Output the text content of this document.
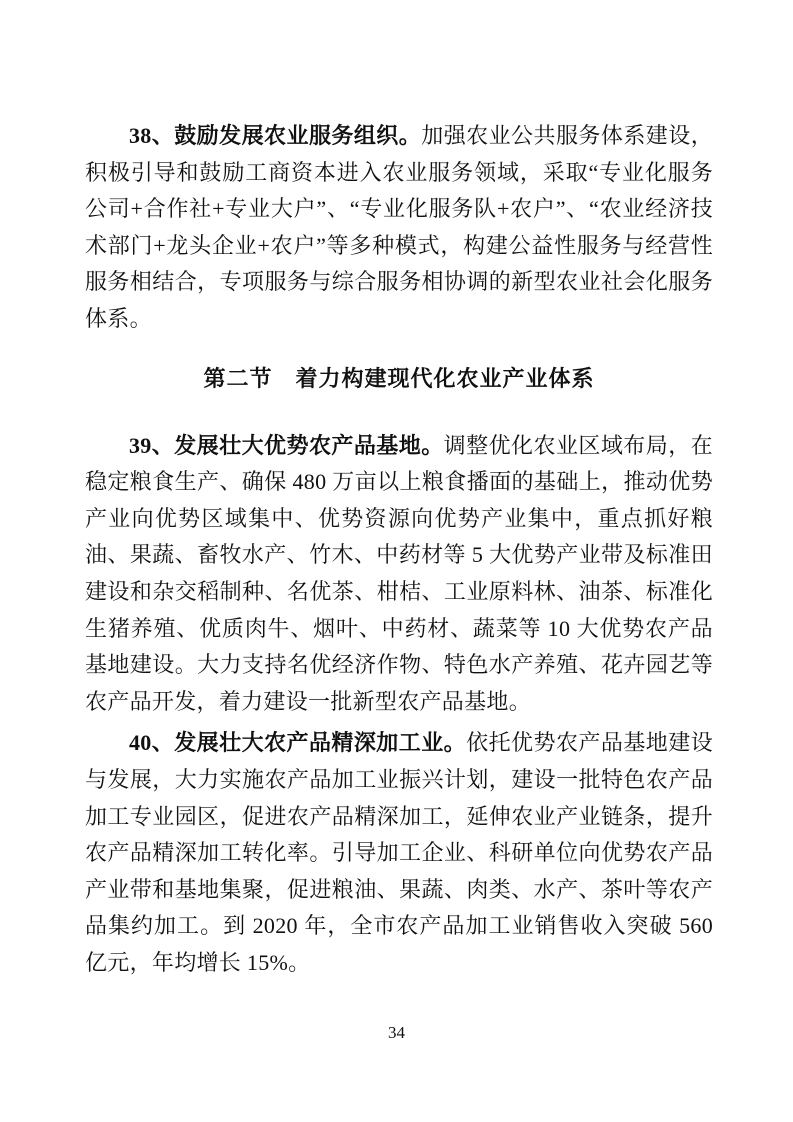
38、鼓励发展农业服务组织。加强农业公共服务体系建设，积极引导和鼓励工商资本进入农业服务领域，采取“专业化服务公司+合作社+专业大户”、“专业化服务队+农户”、“农业经济技术部门+龙头企业+农户”等多种模式，构建公益性服务与经营性服务相结合，专项服务与综合服务相协调的新型农业社会化服务体系。

第二节　着力构建现代化农业产业体系

39、发展壮大优势农产品基地。调整优化农业区域布局，在稳定粮食生产、确保 480 万亩以上粮食播面的基础上，推动优势产业向优势区域集中、优势资源向优势产业集中，重点抓好粮油、果蔬、畜牧水产、竹木、中药材等 5 大优势产业带及标准田建设和杂交稻制种、名优茶、柑桔、工业原料林、油茶、标准化生猪养殖、优质肉牛、烟叶、中药材、蔬菜等 10 大优势农产品基地建设。大力支持名优经济作物、特色水产养殖、花卉园艺等农产品开发，着力建设一批新型农产品基地。

40、发展壮大农产品精深加工业。依托优势农产品基地建设与发展，大力实施农产品加工业振兴计划，建设一批特色农产品加工专业园区，促进农产品精深加工，延伸农业产业链条，提升农产品精深加工转化率。引导加工企业、科研单位向优势农产品产业带和基地集聚，促进粮油、果蔬、肉类、水产、茶叶等农产品集约加工。到 2020 年，全市农产品加工业销售收入突破 560 亿元，年均增长 15%。

34
